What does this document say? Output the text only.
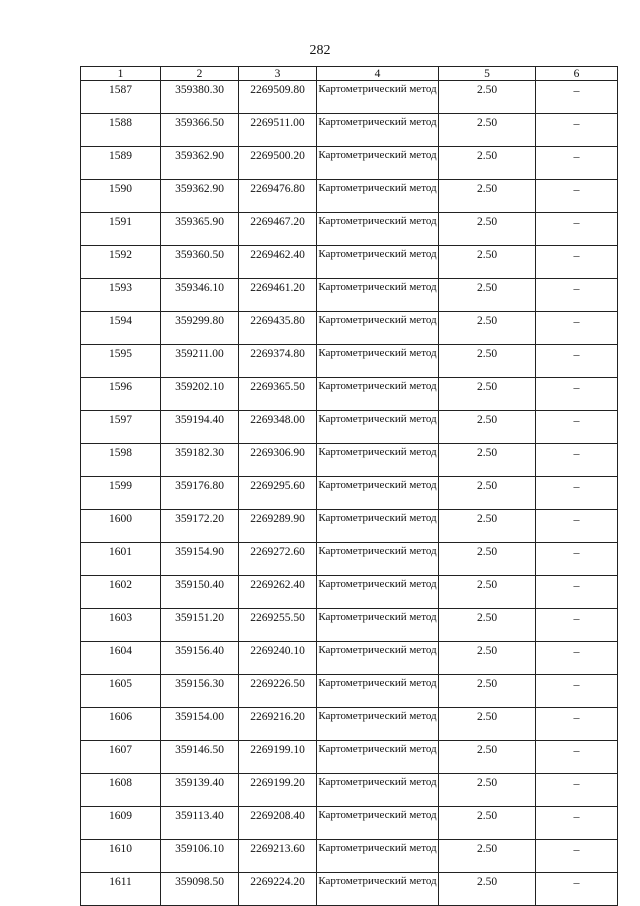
282
1	2	3	4	5	6
1587	359380.30	2269509.80	Картометрический метод	2.50	–
1588	359366.50	2269511.00	Картометрический метод	2.50	–
1589	359362.90	2269500.20	Картометрический метод	2.50	–
1590	359362.90	2269476.80	Картометрический метод	2.50	–
1591	359365.90	2269467.20	Картометрический метод	2.50	–
1592	359360.50	2269462.40	Картометрический метод	2.50	–
1593	359346.10	2269461.20	Картометрический метод	2.50	–
1594	359299.80	2269435.80	Картометрический метод	2.50	–
1595	359211.00	2269374.80	Картометрический метод	2.50	–
1596	359202.10	2269365.50	Картометрический метод	2.50	–
1597	359194.40	2269348.00	Картометрический метод	2.50	–
1598	359182.30	2269306.90	Картометрический метод	2.50	–
1599	359176.80	2269295.60	Картометрический метод	2.50	–
1600	359172.20	2269289.90	Картометрический метод	2.50	–
1601	359154.90	2269272.60	Картометрический метод	2.50	–
1602	359150.40	2269262.40	Картометрический метод	2.50	–
1603	359151.20	2269255.50	Картометрический метод	2.50	–
1604	359156.40	2269240.10	Картометрический метод	2.50	–
1605	359156.30	2269226.50	Картометрический метод	2.50	–
1606	359154.00	2269216.20	Картометрический метод	2.50	–
1607	359146.50	2269199.10	Картометрический метод	2.50	–
1608	359139.40	2269199.20	Картометрический метод	2.50	–
1609	359113.40	2269208.40	Картометрический метод	2.50	–
1610	359106.10	2269213.60	Картометрический метод	2.50	–
1611	359098.50	2269224.20	Картометрический метод	2.50	–
